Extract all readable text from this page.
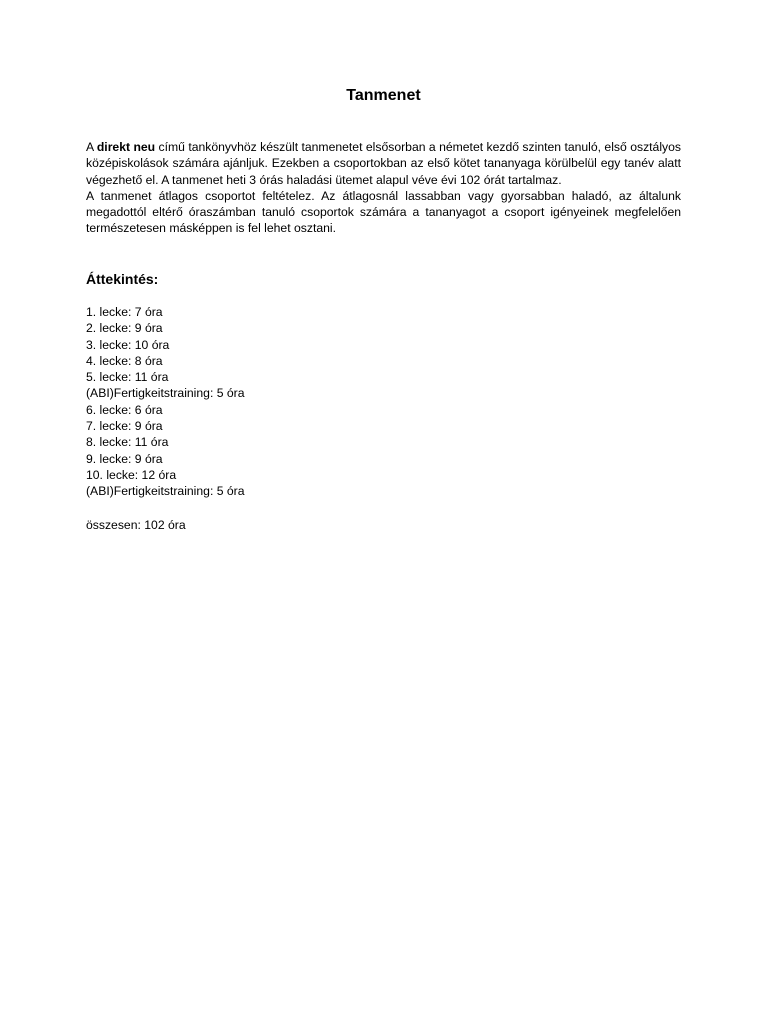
Tanmenet

A direkt neu című tankönyvhöz készült tanmenetet elsősorban a németet kezdő szinten tanuló, első osztályos középiskolások számára ajánljuk. Ezekben a csoportokban az első kötet tananyaga körülbelül egy tanév alatt végezhető el. A tanmenet heti 3 órás haladási ütemet alapul véve évi 102 órát tartalmaz.

A tanmenet átlagos csoportot feltételez. Az átlagosnál lassabban vagy gyorsabban haladó, az általunk megadottól eltérő óraszámban tanuló csoportok számára a tananyagot a csoport igényeinek megfelelően természetesen másképpen is fel lehet osztani.

Áttekintés:
1. lecke: 7 óra
2. lecke: 9 óra
3. lecke: 10 óra
4. lecke: 8 óra
5. lecke: 11 óra
(ABI)Fertigkeitstraining: 5 óra
6. lecke: 6 óra
7. lecke: 9 óra
8. lecke: 11 óra
9. lecke: 9 óra
10. lecke: 12 óra
(ABI)Fertigkeitstraining: 5 óra

összesen: 102 óra
